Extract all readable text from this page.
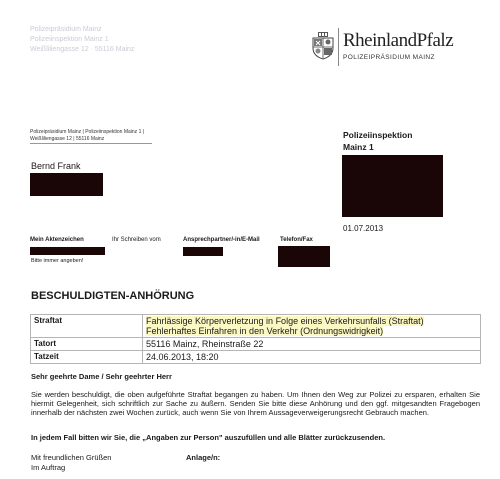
Polizeipräsidium Mainz
Polizeiinspektion Mainz 1
Weißliliengasse 12 · 55116 Mainz	RheinlandPfalz
POLIZEIPRÄSIDIUM MAINZ
Polizeipräsidium Mainz | Polizeiinspektion Mainz 1 |
Weißliliengasse 12 | 55116 Mainz	Polizeiinspektion
Mainz 1
Bernd Frank
01.07.2013
Mein Aktenzeichen	Ihr Schreiben vom	Ansprechpartner/-in/E-Mail	Telefon/Fax
Bitte immer angeben!
BESCHULDIGTEN-ANHÖRUNG
Straftat	Fahrlässige Körperverletzung in Folge eines Verkehrsunfalls (Straftat)
Fehlerhaftes Einfahren in den Verkehr (Ordnungswidrigkeit)
Tatort	55116 Mainz, Rheinstraße 22
Tatzeit	24.06.2013, 18:20
Sehr geehrte Dame / Sehr geehrter Herr
Sie werden beschuldigt, die oben aufgeführte Straftat begangen zu haben. Um Ihnen den Weg zur Polizei zu ersparen, erhalten Sie hiermit Gelegenheit, sich schriftlich zur Sache zu äußern. Senden Sie bitte diese Anhörung und den ggf. mitgesandten Fragebogen innerhalb der nächsten zwei Wochen zurück, auch wenn Sie von Ihrem Aussageverweigerungsrecht Gebrauch machen.
In jedem Fall bitten wir Sie, die „Angaben zur Person" auszufüllen und alle Blätter zurückzusenden.
Mit freundlichen Grüßen
Im Auftrag
Anlage/n:
